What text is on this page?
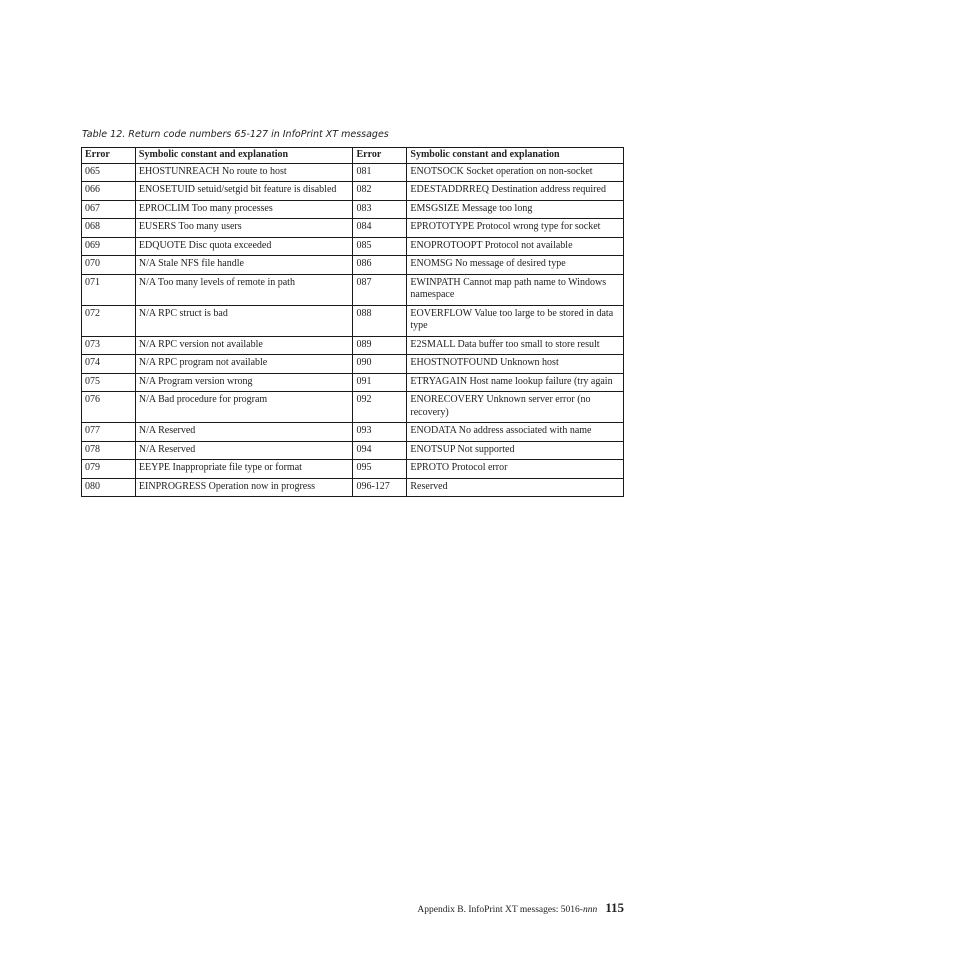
Table 12. Return code numbers 65-127 in InfoPrint XT messages
Error	Symbolic constant and explanation	Error	Symbolic constant and explanation
065	EHOSTUNREACH No route to host	081	ENOTSOCK Socket operation on non-socket
066	ENOSETUID setuid/setgid bit feature is disabled	082	EDESTADDRREQ Destination address required
067	EPROCLIM Too many processes	083	EMSGSIZE Message too long
068	EUSERS Too many users	084	EPROTOTYPE Protocol wrong type for socket
069	EDQUOTE Disc quota exceeded	085	ENOPROTOOPT Protocol not available
070	N/A Stale NFS file handle	086	ENOMSG No message of desired type
071	N/A Too many levels of remote in path	087	EWINPATH Cannot map path name to Windows namespace
072	N/A RPC struct is bad	088	EOVERFLOW Value too large to be stored in data type
073	N/A RPC version not available	089	E2SMALL Data buffer too small to store result
074	N/A RPC program not available	090	EHOSTNOTFOUND Unknown host
075	N/A Program version wrong	091	ETRYAGAIN Host name lookup failure (try again
076	N/A Bad procedure for program	092	ENORECOVERY Unknown server error (no recovery)
077	N/A Reserved	093	ENODATA No address associated with name
078	N/A Reserved	094	ENOTSUP Not supported
079	EEYPE Inappropriate file type or format	095	EPROTO Protocol error
080	EINPROGRESS Operation now in progress	096-127	Reserved
Appendix B. InfoPrint XT messages: 5016-nnn 115
